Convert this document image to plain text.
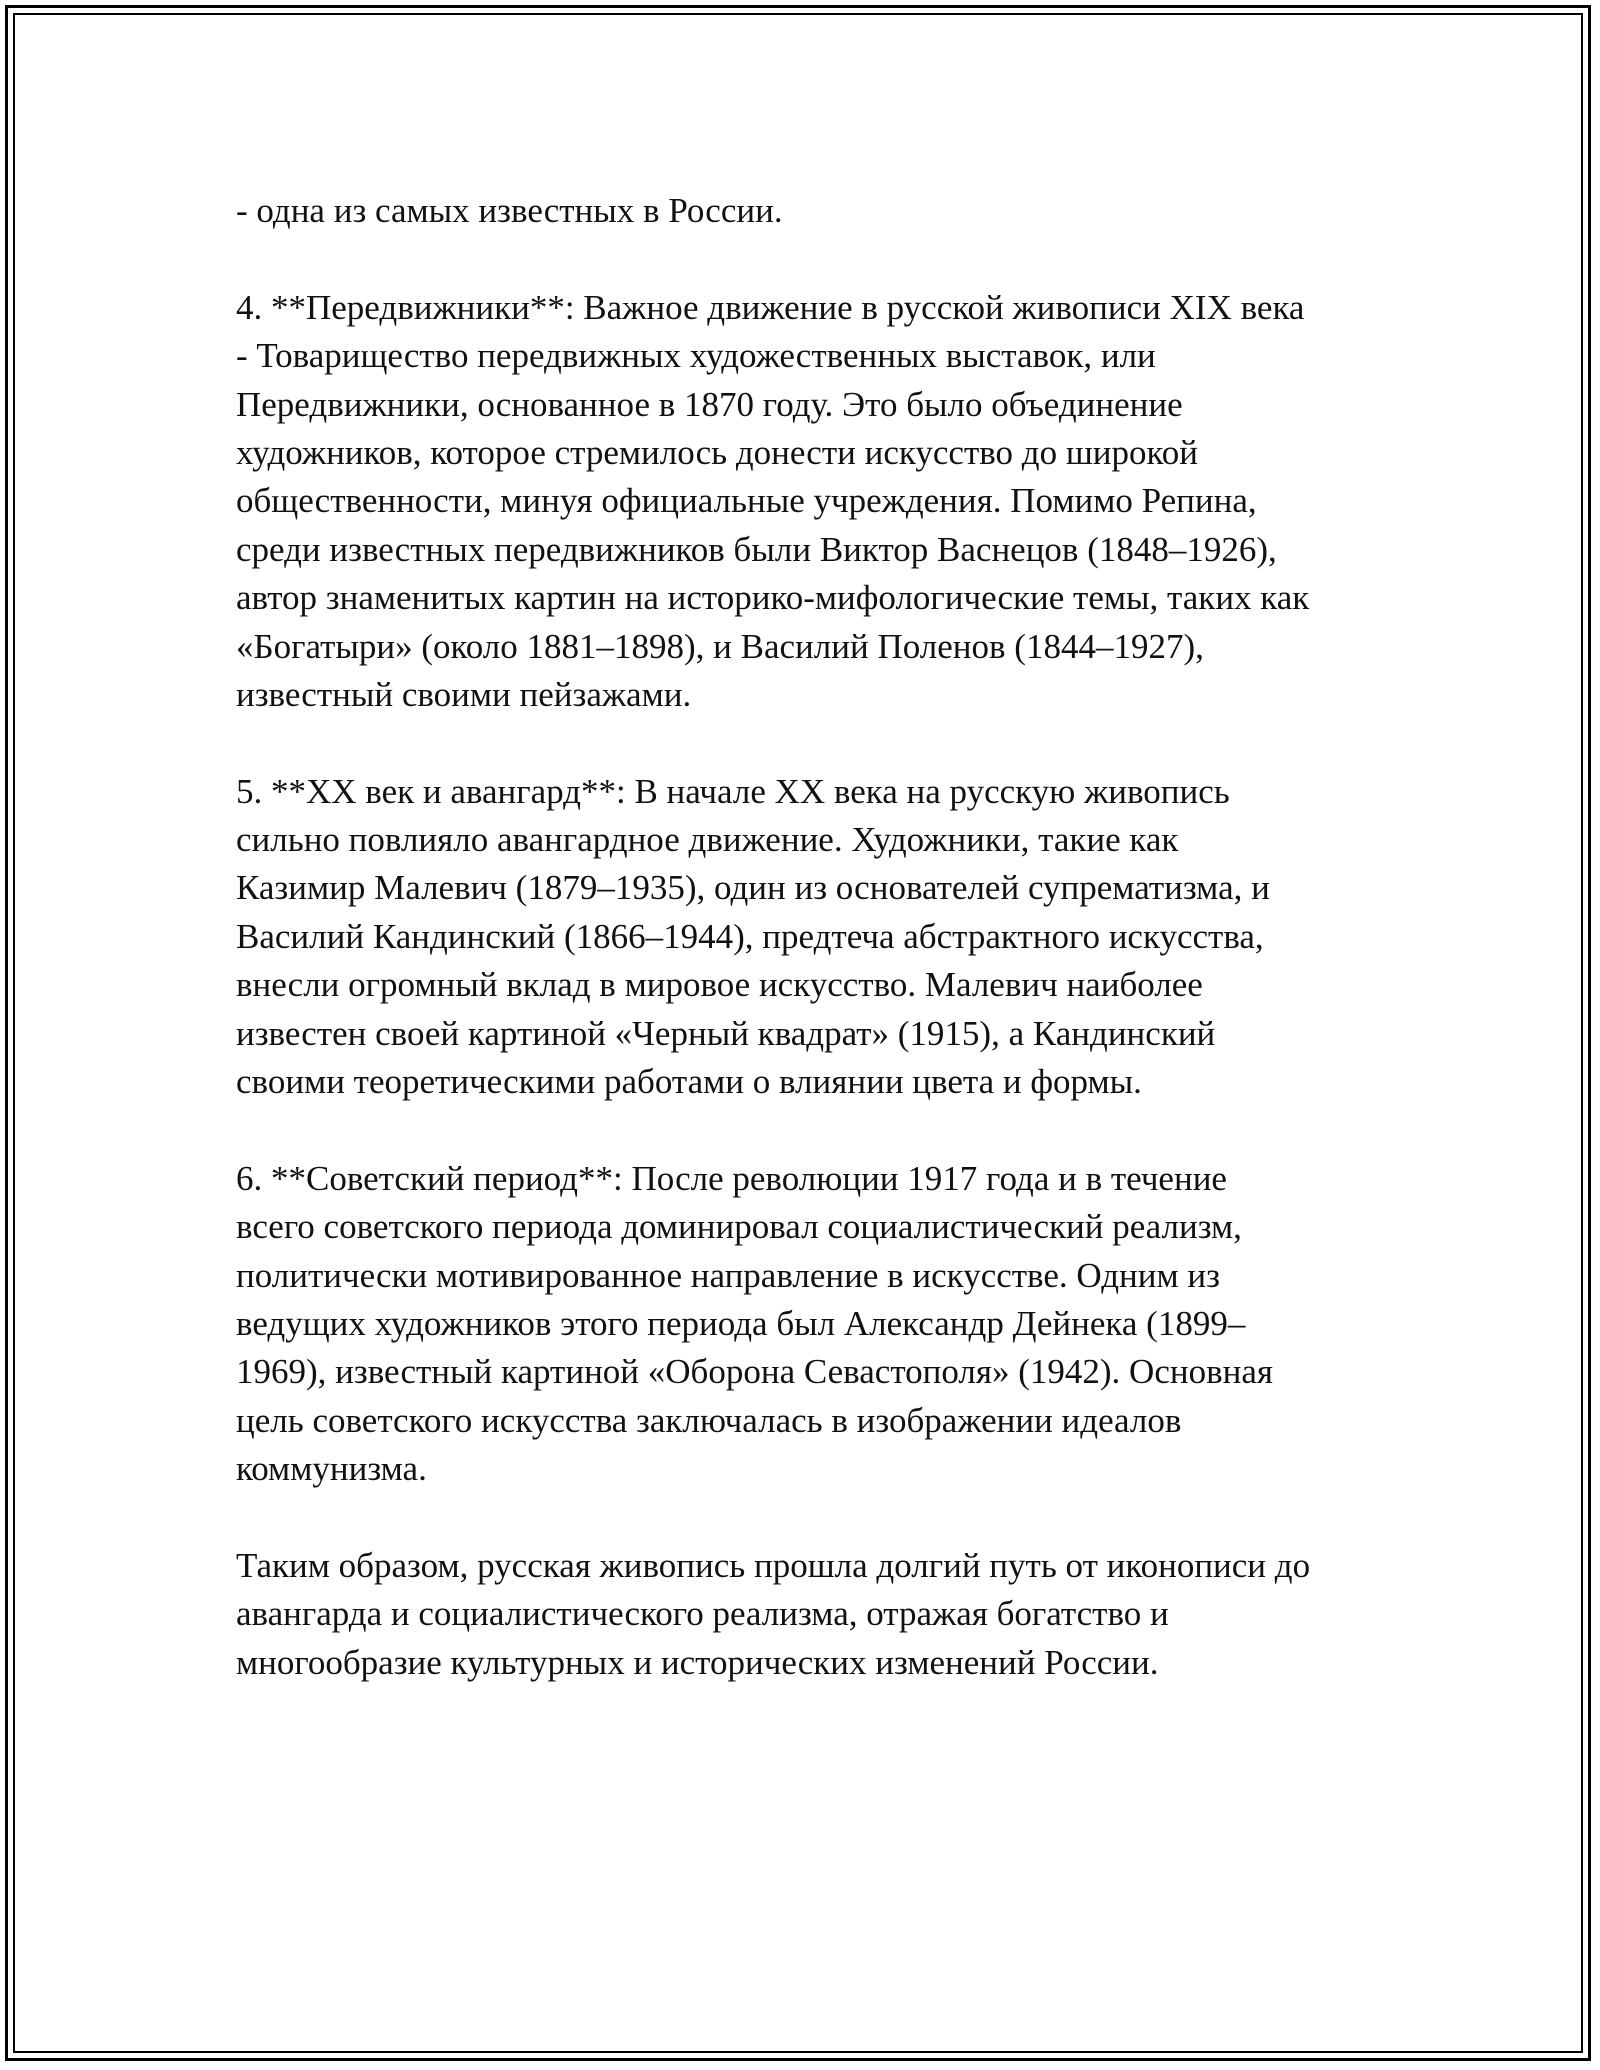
- одна из самых известных в России.
4. **Передвижники**: Важное движение в русской живописи XIX века
- Товарищество передвижных художественных выставок, или
Передвижники, основанное в 1870 году. Это было объединение
художников, которое стремилось донести искусство до широкой
общественности, минуя официальные учреждения. Помимо Репина,
среди известных передвижников были Виктор Васнецов (1848–1926),
автор знаменитых картин на историко-мифологические темы, таких как
«Богатыри» (около 1881–1898), и Василий Поленов (1844–1927),
известный своими пейзажами.
5. **XX век и авангард**: В начале XX века на русскую живопись
сильно повлияло авангардное движение. Художники, такие как
Казимир Малевич (1879–1935), один из основателей супрематизма, и
Василий Кандинский (1866–1944), предтеча абстрактного искусства,
внесли огромный вклад в мировое искусство. Малевич наиболее
известен своей картиной «Черный квадрат» (1915), а Кандинский
своими теоретическими работами о влиянии цвета и формы.
6. **Советский период**: После революции 1917 года и в течение
всего советского периода доминировал социалистический реализм,
политически мотивированное направление в искусстве. Одним из
ведущих художников этого периода был Александр Дейнека (1899–
1969), известный картиной «Оборона Севастополя» (1942). Основная
цель советского искусства заключалась в изображении идеалов
коммунизма.
Таким образом, русская живопись прошла долгий путь от иконописи до
авангарда и социалистического реализма, отражая богатство и
многообразие культурных и исторических изменений России.
